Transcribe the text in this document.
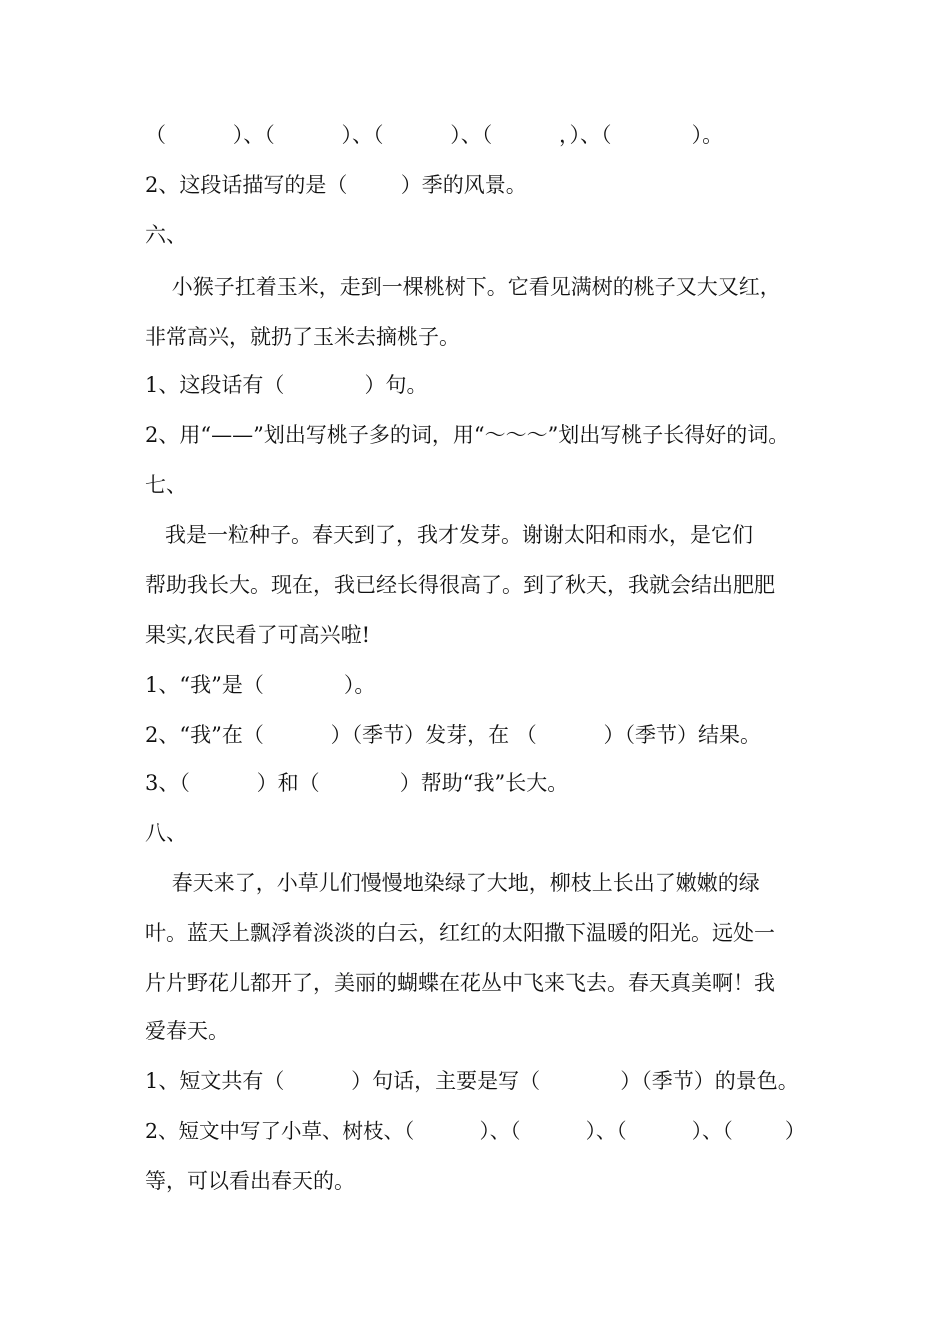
（          ）、（          ）、（          ）、（          ，）、（            ）。

2、这段话描写的是（        ）季的风景。

六、

小猴子扛着玉米，走到一棵桃树下。它看见满树的桃子又大又红，

非常高兴，就扔了玉米去摘桃子。

1、这段话有（            ）句。

2、用“——”划出写桃子多的词，用“～～～”划出写桃子长得好的词。

七、

我是一粒种子。春天到了，我才发芽。谢谢太阳和雨水，是它们

帮助我长大。现在，我已经长得很高了。到了秋天，我就会结出肥肥

果实,农民看了可高兴啦!

1、“我”是（            ）。

2、“我”在（          ）（季节）发芽，在 （          ）（季节）结果。

3、（          ）和（            ）帮助“我”长大。

八、

春天来了，小草儿们慢慢地染绿了大地，柳枝上长出了嫩嫩的绿

叶。蓝天上飘浮着淡淡的白云，红红的太阳撒下温暖的阳光。远处一

片片野花儿都开了，美丽的蝴蝶在花丛中飞来飞去。春天真美啊！我

爱春天。

1、短文共有（          ）句话，主要是写（            ）（季节）的景色。

2、短文中写了小草、树枝、（          ）、（          ）、（          ）、（        ）

等，可以看出春天的。
